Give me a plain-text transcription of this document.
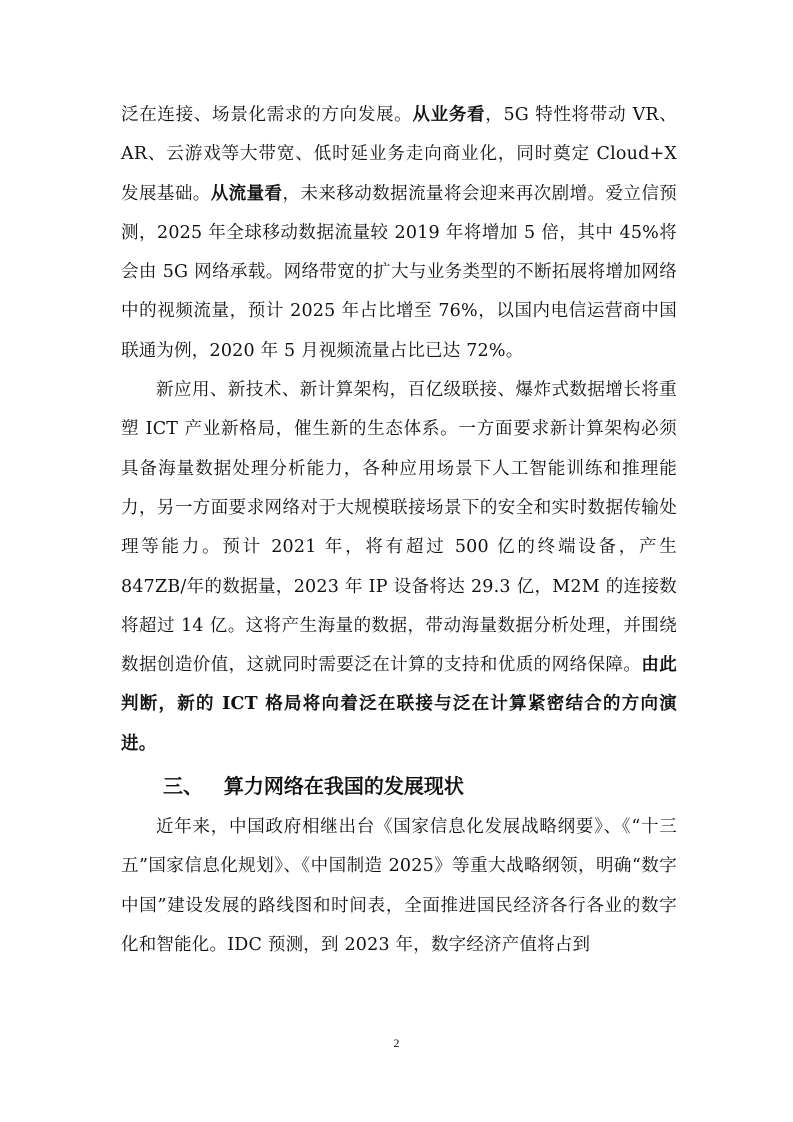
泛在连接、场景化需求的方向发展。从业务看，5G 特性将带动 VR、AR、云游戏等大带宽、低时延业务走向商业化，同时奠定 Cloud+X 发展基础。从流量看，未来移动数据流量将会迎来再次剧增。爱立信预测，2025 年全球移动数据流量较 2019 年将增加 5 倍，其中 45%将会由 5G 网络承载。网络带宽的扩大与业务类型的不断拓展将增加网络中的视频流量，预计 2025 年占比增至 76%，以国内电信运营商中国联通为例，2020 年 5 月视频流量占比已达 72%。

新应用、新技术、新计算架构，百亿级联接、爆炸式数据增长将重塑 ICT 产业新格局，催生新的生态体系。一方面要求新计算架构必须具备海量数据处理分析能力，各种应用场景下人工智能训练和推理能力，另一方面要求网络对于大规模联接场景下的安全和实时数据传输处理等能力。预计 2021 年，将有超过 500 亿的终端设备，产生 847ZB/年的数据量，2023 年 IP 设备将达 29.3 亿，M2M 的连接数将超过 14 亿。这将产生海量的数据，带动海量数据分析处理，并围绕数据创造价值，这就同时需要泛在计算的支持和优质的网络保障。由此判断，新的 ICT 格局将向着泛在联接与泛在计算紧密结合的方向演进。

三、 算力网络在我国的发展现状

近年来，中国政府相继出台《国家信息化发展战略纲要》、《“十三五”国家信息化规划》、《中国制造 2025》等重大战略纲领，明确“数字中国”建设发展的路线图和时间表，全面推进国民经济各行各业的数字化和智能化。IDC 预测，到 2023 年，数字经济产值将占到

2
